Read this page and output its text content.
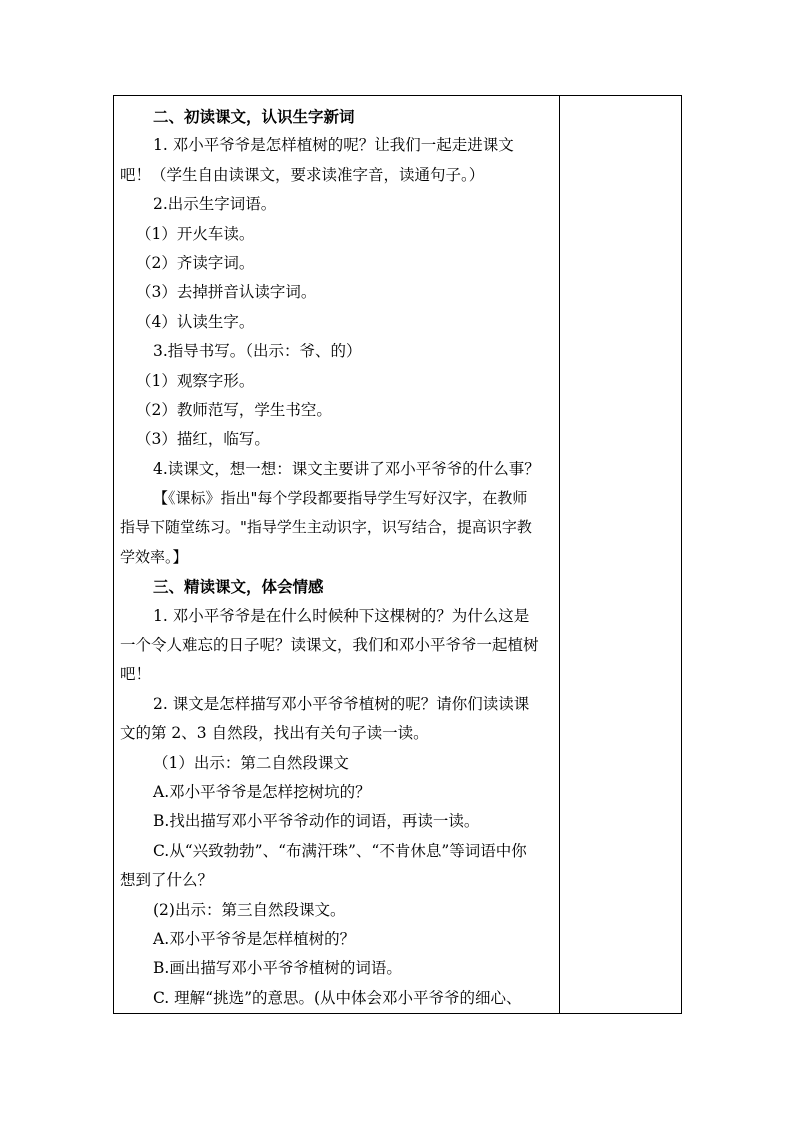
二、初读课文，认识生字新词
1. 邓小平爷爷是怎样植树的呢？让我们一起走进课文
吧！（学生自由读课文，要求读准字音，读通句子。）
2.出示生字词语。
（1）开火车读。
（2）齐读字词。
（3）去掉拼音认读字词。
（4）认读生字。
3.指导书写。（出示：爷、的）
（1）观察字形。
（2）教师范写，学生书空。
（3）描红，临写。
4.读课文，想一想：课文主要讲了邓小平爷爷的什么事？
【《课标》指出"每个学段都要指导学生写好汉字，在教师
指导下随堂练习。"指导学生主动识字，识写结合，提高识字教
学效率。】
三、精读课文，体会情感
1. 邓小平爷爷是在什么时候种下这棵树的？为什么这是
一个令人难忘的日子呢？读课文，我们和邓小平爷爷一起植树
吧！
2. 课文是怎样描写邓小平爷爷植树的呢？请你们读读课
文的第 2、3 自然段，找出有关句子读一读。
（1）出示：第二自然段课文
A.邓小平爷爷是怎样挖树坑的？
B.找出描写邓小平爷爷动作的词语，再读一读。
C.从“兴致勃勃”、“布满汗珠”、“不肯休息”等词语中你
想到了什么？
(2)出示：第三自然段课文。
A.邓小平爷爷是怎样植树的？
B.画出描写邓小平爷爷植树的词语。
C. 理解“挑选”的意思。(从中体会邓小平爷爷的细心、
